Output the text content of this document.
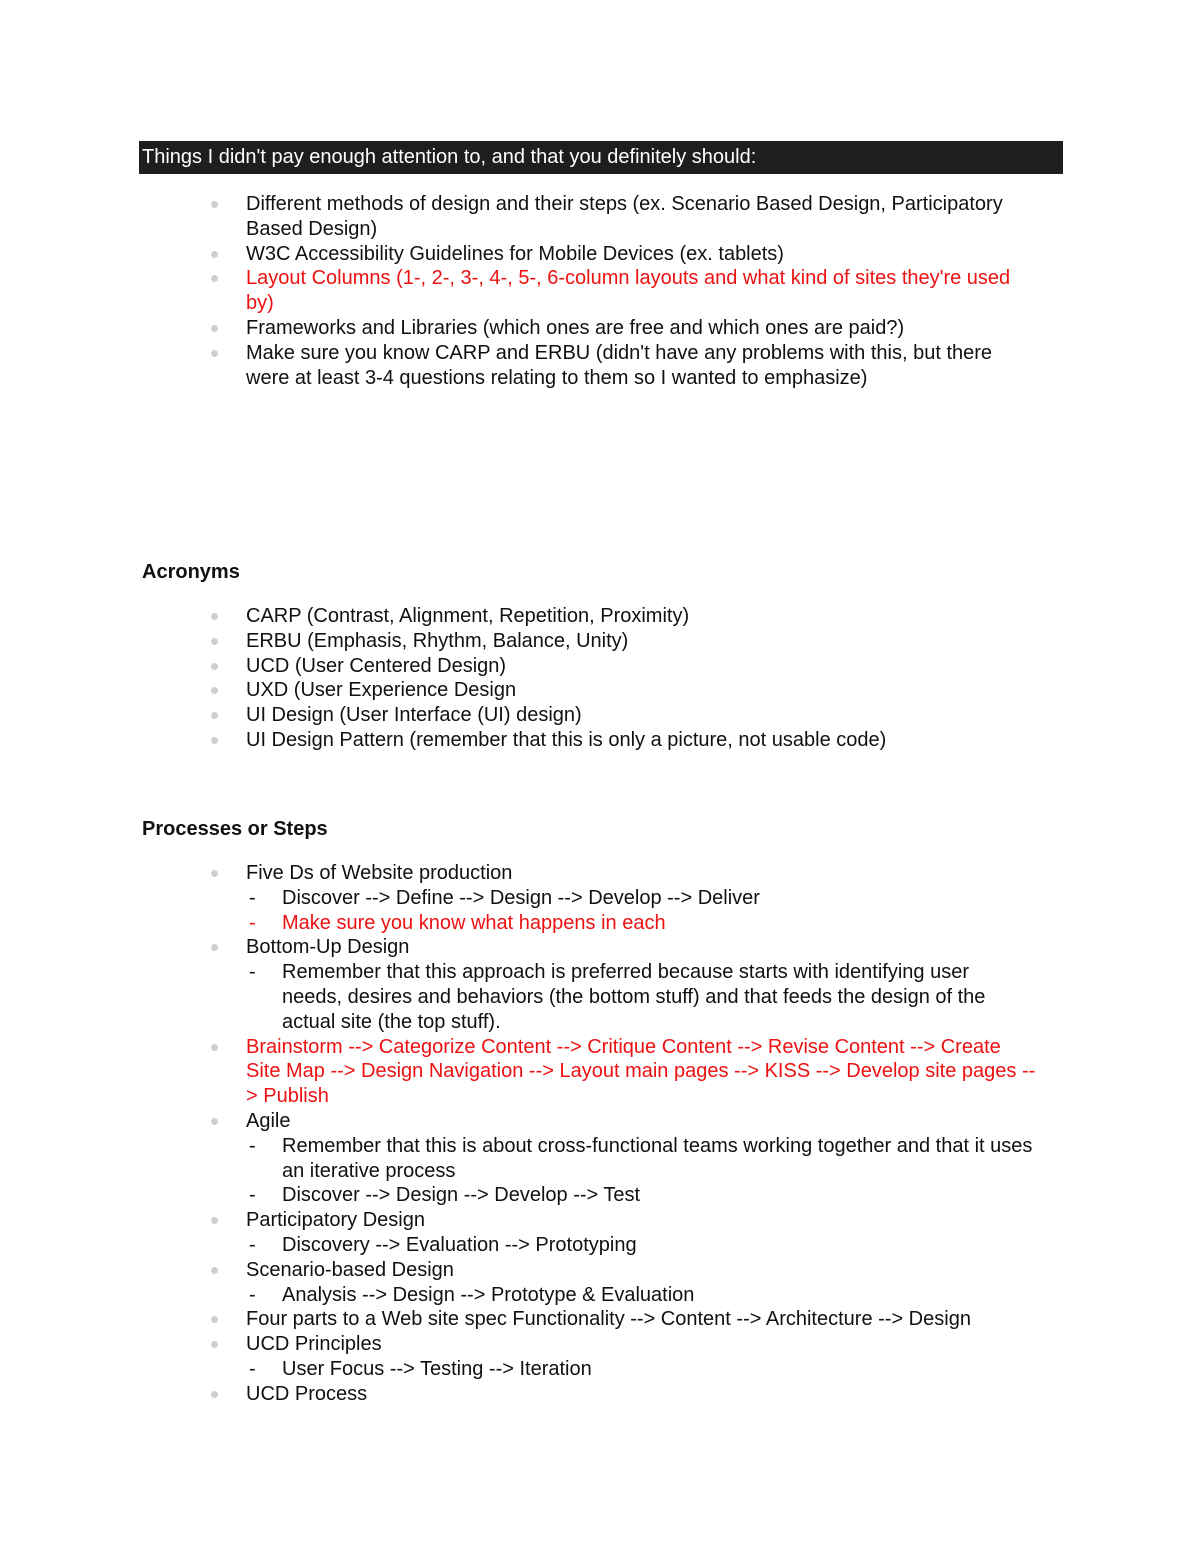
Things I didn't pay enough attention to, and that you definitely should:
Different methods of design and their steps (ex. Scenario Based Design, Participatory Based Design)
W3C Accessibility Guidelines for Mobile Devices (ex. tablets)
Layout Columns (1-, 2-, 3-, 4-, 5-, 6-column layouts and what kind of sites they're used by)
Frameworks and Libraries (which ones are free and which ones are paid?)
Make sure you know CARP and ERBU (didn't have any problems with this, but there were at least 3-4 questions relating to them so I wanted to emphasize)
Acronyms
CARP (Contrast, Alignment, Repetition, Proximity)
ERBU (Emphasis, Rhythm, Balance, Unity)
UCD (User Centered Design)
UXD (User Experience Design
UI Design (User Interface (UI) design)
UI Design Pattern (remember that this is only a picture, not usable code)
Processes or Steps
Five Ds of Website production
- Discover --> Define --> Design --> Develop --> Deliver
- Make sure you know what happens in each
Bottom-Up Design
- Remember that this approach is preferred because starts with identifying user needs, desires and behaviors (the bottom stuff) and that feeds the design of the actual site (the top stuff).
Brainstorm --> Categorize Content --> Critique Content --> Revise Content --> Create Site Map --> Design Navigation --> Layout main pages --> KISS --> Develop site pages --> Publish
Agile
- Remember that this is about cross-functional teams working together and that it uses an iterative process
- Discover --> Design --> Develop --> Test
Participatory Design
- Discovery --> Evaluation --> Prototyping
Scenario-based Design
- Analysis --> Design --> Prototype & Evaluation
Four parts to a Web site spec Functionality --> Content --> Architecture --> Design
UCD Principles
- User Focus --> Testing --> Iteration
UCD Process
